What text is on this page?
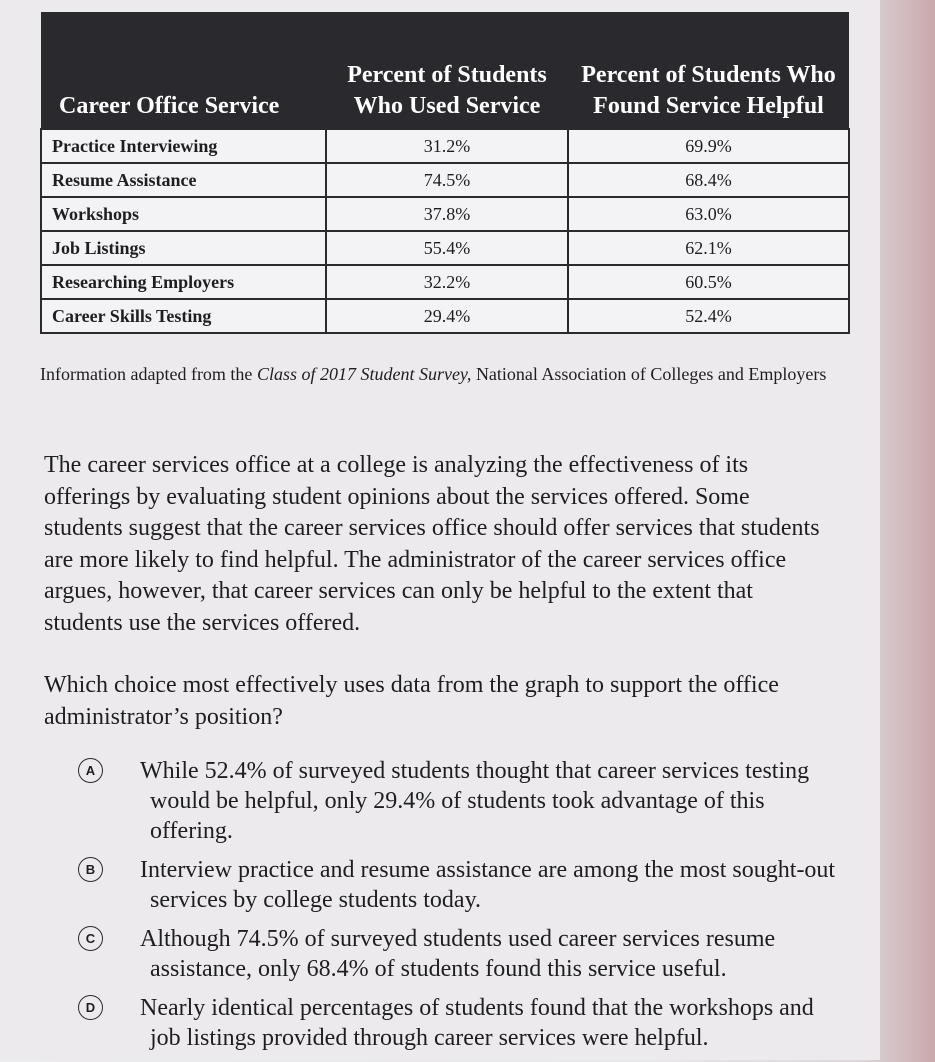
Career Office Service	Percent of Students Who Used Service	Percent of Students Who Found Service Helpful
Practice Interviewing	31.2%	69.9%
Resume Assistance	74.5%	68.4%
Workshops	37.8%	63.0%
Job Listings	55.4%	62.1%
Researching Employers	32.2%	60.5%
Career Skills Testing	29.4%	52.4%
Information adapted from the Class of 2017 Student Survey, National Association of Colleges and Employers
The career services office at a college is analyzing the effectiveness of its offerings by evaluating student opinions about the services offered. Some students suggest that the career services office should offer services that students are more likely to find helpful. The administrator of the career services office argues, however, that career services can only be helpful to the extent that students use the services offered.
Which choice most effectively uses data from the graph to support the office administrator’s position?
A	While 52.4% of surveyed students thought that career services testing would be helpful, only 29.4% of students took advantage of this offering.
B	Interview practice and resume assistance are among the most sought-out services by college students today.
C	Although 74.5% of surveyed students used career services resume assistance, only 68.4% of students found this service useful.
D	Nearly identical percentages of students found that the workshops and job listings provided through career services were helpful.
